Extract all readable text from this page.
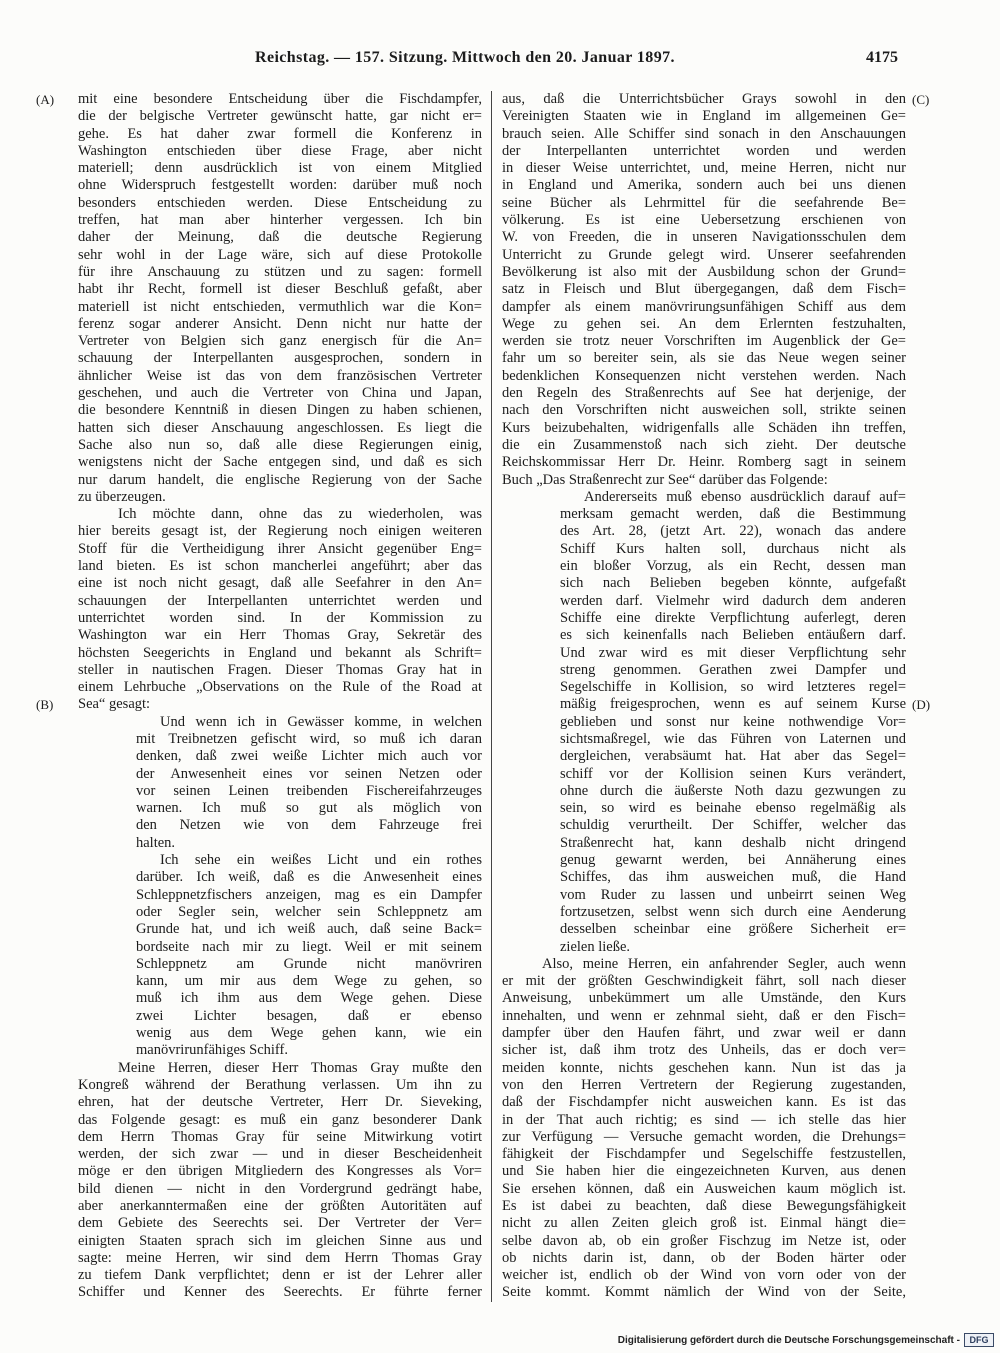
Reichstag. — 157. Sitzung. Mittwoch den 20. Januar 1897.	4175
mit eine besondere Entscheidung über die Fischdampfer,
(A)
die der belgische Vertreter gewünscht hatte, gar nicht er=
gehe. Es hat daher zwar formell die Konferenz in
Washington entschieden über diese Frage, aber nicht
materiell; denn ausdrücklich ist von einem Mitglied
ohne Widerspruch festgestellt worden: darüber muß noch
besonders entschieden werden. Diese Entscheidung zu
treffen, hat man aber hinterher vergessen. Ich bin
daher der Meinung, daß die deutsche Regierung
sehr wohl in der Lage wäre, sich auf diese Protokolle
für ihre Anschauung zu stützen und zu sagen: formell
habt ihr Recht, formell ist dieser Beschluß gefaßt, aber
materiell ist nicht entschieden, vermuthlich war die Kon=
ferenz sogar anderer Ansicht. Denn nicht nur hatte der
Vertreter von Belgien sich ganz energisch für die An=
schauung der Interpellanten ausgesprochen, sondern in
ähnlicher Weise ist das von dem französischen Vertreter
geschehen, und auch die Vertreter von China und Japan,
die besondere Kenntniß in diesen Dingen zu haben schienen,
hatten sich dieser Anschauung angeschlossen. Es liegt die
Sache also nun so, daß alle diese Regierungen einig,
wenigstens nicht der Sache entgegen sind, und daß es sich
nur darum handelt, die englische Regierung von der Sache
zu überzeugen.
Ich möchte dann, ohne das zu wiederholen, was
hier bereits gesagt ist, der Regierung noch einigen weiteren
Stoff für die Vertheidigung ihrer Ansicht gegenüber Eng=
land bieten. Es ist schon mancherlei angeführt; aber das
eine ist noch nicht gesagt, daß alle Seefahrer in den An=
schauungen der Interpellanten unterrichtet werden und
unterrichtet worden sind. In der Kommission zu
Washington war ein Herr Thomas Gray, Sekretär des
höchsten Seegerichts in England und bekannt als Schrift=
steller in nautischen Fragen. Dieser Thomas Gray hat in
einem Lehrbuche „Observations on the Rule of the Road at
Sea“ gesagt:
(B)
Und wenn ich in Gewässer komme, in welchen
mit Treibnetzen gefischt wird, so muß ich daran
denken, daß zwei weiße Lichter mich auch vor
der Anwesenheit eines vor seinen Netzen oder
vor seinen Leinen treibenden Fischereifahrzeuges
warnen. Ich muß so gut als möglich von
den Netzen wie von dem Fahrzeuge frei
halten.
Ich sehe ein weißes Licht und ein rothes
darüber. Ich weiß, daß es die Anwesenheit eines
Schleppnetzfischers anzeigen, mag es ein Dampfer
oder Segler sein, welcher sein Schleppnetz am
Grunde hat, und ich weiß auch, daß seine Back=
bordseite nach mir zu liegt. Weil er mit seinem
Schleppnetz am Grunde nicht manövriren
kann, um mir aus dem Wege zu gehen, so
muß ich ihm aus dem Wege gehen. Diese
zwei Lichter besagen, daß er ebenso
wenig aus dem Wege gehen kann, wie ein
manövrirunfähiges Schiff.
Meine Herren, dieser Herr Thomas Gray mußte den
Kongreß während der Berathung verlassen. Um ihn zu
ehren, hat der deutsche Vertreter, Herr Dr. Sieveking,
das Folgende gesagt: es muß ein ganz besonderer Dank
dem Herrn Thomas Gray für seine Mitwirkung votirt
werden, der sich zwar — und in dieser Bescheidenheit
möge er den übrigen Mitgliedern des Kongresses als Vor=
bild dienen — nicht in den Vordergrund gedrängt habe,
aber anerkanntermaßen eine der größten Autoritäten auf
dem Gebiete des Seerechts sei. Der Vertreter der Ver=
einigten Staaten sprach sich im gleichen Sinne aus und
sagte: meine Herren, wir sind dem Herrn Thomas Gray
zu tiefem Dank verpflichtet; denn er ist der Lehrer aller
Schiffer und Kenner des Seerechts. Er führte ferner
aus, daß die Unterrichtsbücher Grays sowohl in den (C)
Vereinigten Staaten wie in England im allgemeinen Ge=
brauch seien. Alle Schiffer sind sonach in den Anschauungen
der Interpellanten unterrichtet worden und werden
in dieser Weise unterrichtet, und, meine Herren, nicht nur
in England und Amerika, sondern auch bei uns dienen
seine Bücher als Lehrmittel für die seefahrende Be=
völkerung. Es ist eine Uebersetzung erschienen von
W. von Freeden, die in unseren Navigationsschulen dem
Unterricht zu Grunde gelegt wird. Unserer seefahrenden
Bevölkerung ist also mit der Ausbildung schon der Grund=
satz in Fleisch und Blut übergegangen, daß dem Fisch=
dampfer als einem manövrirungsunfähigen Schiff aus dem
Wege zu gehen sei. An dem Erlernten festzuhalten,
werden sie trotz neuer Vorschriften im Augenblick der Ge=
fahr um so bereiter sein, als sie das Neue wegen seiner
bedenklichen Konsequenzen nicht verstehen werden. Nach
den Regeln des Straßenrechts auf See hat derjenige, der
nach den Vorschriften nicht ausweichen soll, strikte seinen
Kurs beizubehalten, widrigenfalls alle Schäden ihn treffen,
die ein Zusammenstoß nach sich zieht. Der deutsche
Reichskommissar Herr Dr. Heinr. Romberg sagt in seinem
Buch „Das Straßenrecht zur See“ darüber das Folgende:
Andererseits muß ebenso ausdrücklich darauf auf=
merksam gemacht werden, daß die Bestimmung
des Art. 28, (jetzt Art. 22), wonach das andere
Schiff Kurs halten soll, durchaus nicht als
ein bloßer Vorzug, als ein Recht, dessen man
sich nach Belieben begeben könnte, aufgefaßt
werden darf. Vielmehr wird dadurch dem anderen
Schiffe eine direkte Verpflichtung auferlegt, deren
es sich keinenfalls nach Belieben entäußern darf.
Und zwar wird es mit dieser Verpflichtung sehr
streng genommen. Gerathen zwei Dampfer und
Segelschiffe in Kollision, so wird letzteres regel=
mäßig freigesprochen, wenn es auf seinem Kurse (D)
geblieben und sonst nur keine nothwendige Vor=
sichtsmaßregel, wie das Führen von Laternen und
dergleichen, verabsäumt hat. Hat aber das Segel=
schiff vor der Kollision seinen Kurs verändert,
ohne durch die äußerste Noth dazu gezwungen zu
sein, so wird es beinahe ebenso regelmäßig als
schuldig verurtheilt. Der Schiffer, welcher das
Straßenrecht hat, kann deshalb nicht dringend
genug gewarnt werden, bei Annäherung eines
Schiffes, das ihm ausweichen muß, die Hand
vom Ruder zu lassen und unbeirrt seinen Weg
fortzusetzen, selbst wenn sich durch eine Aenderung
desselben scheinbar eine größere Sicherheit er=
zielen ließe.
Also, meine Herren, ein anfahrender Segler, auch wenn
er mit der größten Geschwindigkeit fährt, soll nach dieser
Anweisung, unbekümmert um alle Umstände, den Kurs
innehalten, und wenn er zehnmal sieht, daß er den Fisch=
dampfer über den Haufen fährt, und zwar weil er dann
sicher ist, daß ihm trotz des Unheils, das er doch ver=
meiden konnte, nichts geschehen kann. Nun ist das ja
von den Herren Vertretern der Regierung zugestanden,
daß der Fischdampfer nicht ausweichen kann. Es ist das
in der That auch richtig; es sind — ich stelle das hier
zur Verfügung — Versuche gemacht worden, die Drehungs=
fähigkeit der Fischdampfer und Segelschiffe festzustellen,
und Sie haben hier die eingezeichneten Kurven, aus denen
Sie ersehen können, daß ein Ausweichen kaum möglich ist.
Es ist dabei zu beachten, daß diese Bewegungsfähigkeit
nicht zu allen Zeiten gleich groß ist. Einmal hängt die=
selbe davon ab, ob ein großer Fischzug im Netze ist, oder
ob nichts darin ist, dann, ob der Boden härter oder
weicher ist, endlich ob der Wind von vorn oder von der
Seite kommt. Kommt nämlich der Wind von der Seite,
Digitalisierung gefördert durch die Deutsche Forschungsgemeinschaft -	DFG
